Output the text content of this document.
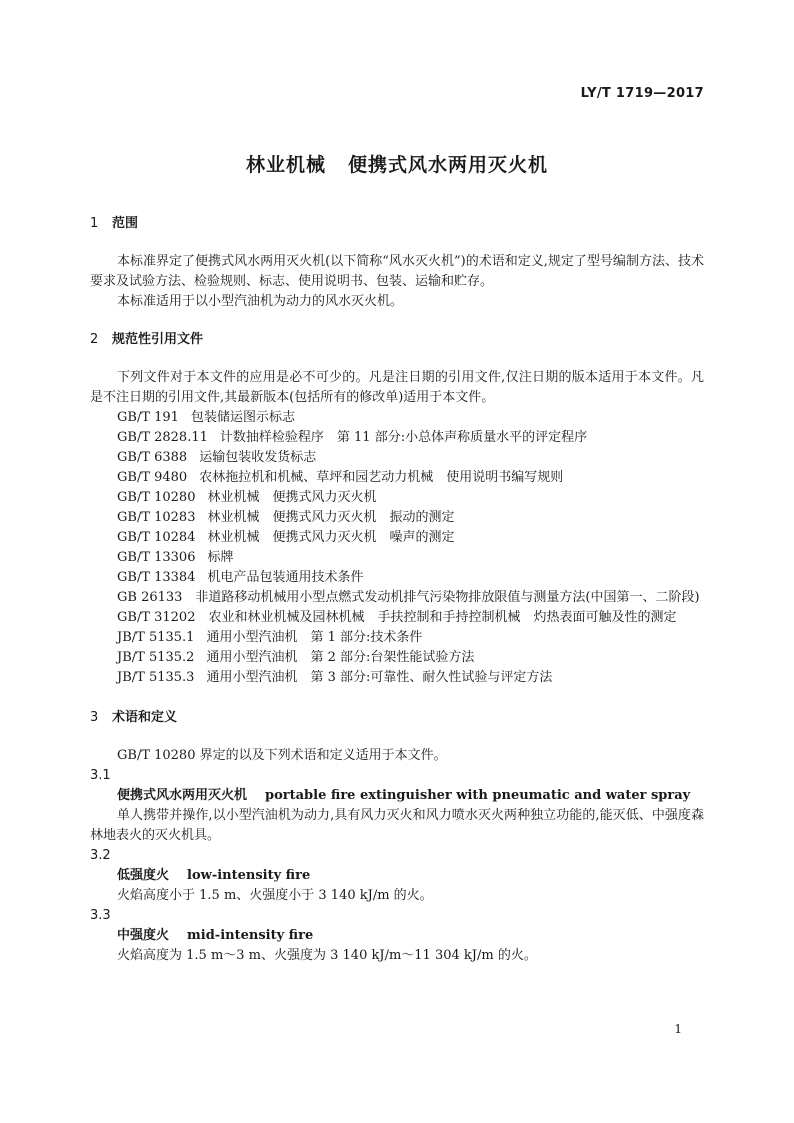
LY/T 1719—2017
林业机械 便携式风水两用灭火机
1 范围

本标准界定了便携式风水两用灭火机(以下简称“风水灭火机”)的术语和定义,规定了型号编制方法、技术要求及试验方法、检验规则、标志、使用说明书、包装、运输和贮存。

本标准适用于以小型汽油机为动力的风水灭火机。

2 规范性引用文件

下列文件对于本文件的应用是必不可少的。凡是注日期的引用文件,仅注日期的版本适用于本文件。凡是不注日期的引用文件,其最新版本(包括所有的修改单)适用于本文件。

GB/T 191 包装储运图示标志
GB/T 2828.11 计数抽样检验程序　第 11 部分:小总体声称质量水平的评定程序
GB/T 6388 运输包装收发货标志
GB/T 9480 农林拖拉机和机械、草坪和园艺动力机械　使用说明书编写规则
GB/T 10280 林业机械　便携式风力灭火机
GB/T 10283 林业机械　便携式风力灭火机　振动的测定
GB/T 10284 林业机械　便携式风力灭火机　噪声的测定
GB/T 13306 标牌
GB/T 13384 机电产品包装通用技术条件

GB 26133　非道路移动机械用小型点燃式发动机排气污染物排放限值与测量方法(中国第一、二阶段)

GB/T 31202　农业和林业机械及园林机械　手扶控制和手持控制机械　灼热表面可触及性的测定

JB/T 5135.1 通用小型汽油机　第 1 部分:技术条件
JB/T 5135.2 通用小型汽油机　第 2 部分:台架性能试验方法
JB/T 5135.3 通用小型汽油机　第 3 部分:可靠性、耐久性试验与评定方法
3 术语和定义

GB/T 10280 界定的以及下列术语和定义适用于本文件。

3.1
便携式风水两用灭火机 portable fire extinguisher with pneumatic and water spray

单人携带并操作,以小型汽油机为动力,具有风力灭火和风力喷水灭火两种独立功能的,能灭低、中强度森林地表火的灭火机具。

3.2
低强度火 low-intensity fire

火焰高度小于 1.5 m、火强度小于 3 140 kJ/m 的火。

3.3
中强度火 mid-intensity fire

火焰高度为 1.5 m～3 m、火强度为 3 140 kJ/m～11 304 kJ/m 的火。

1
